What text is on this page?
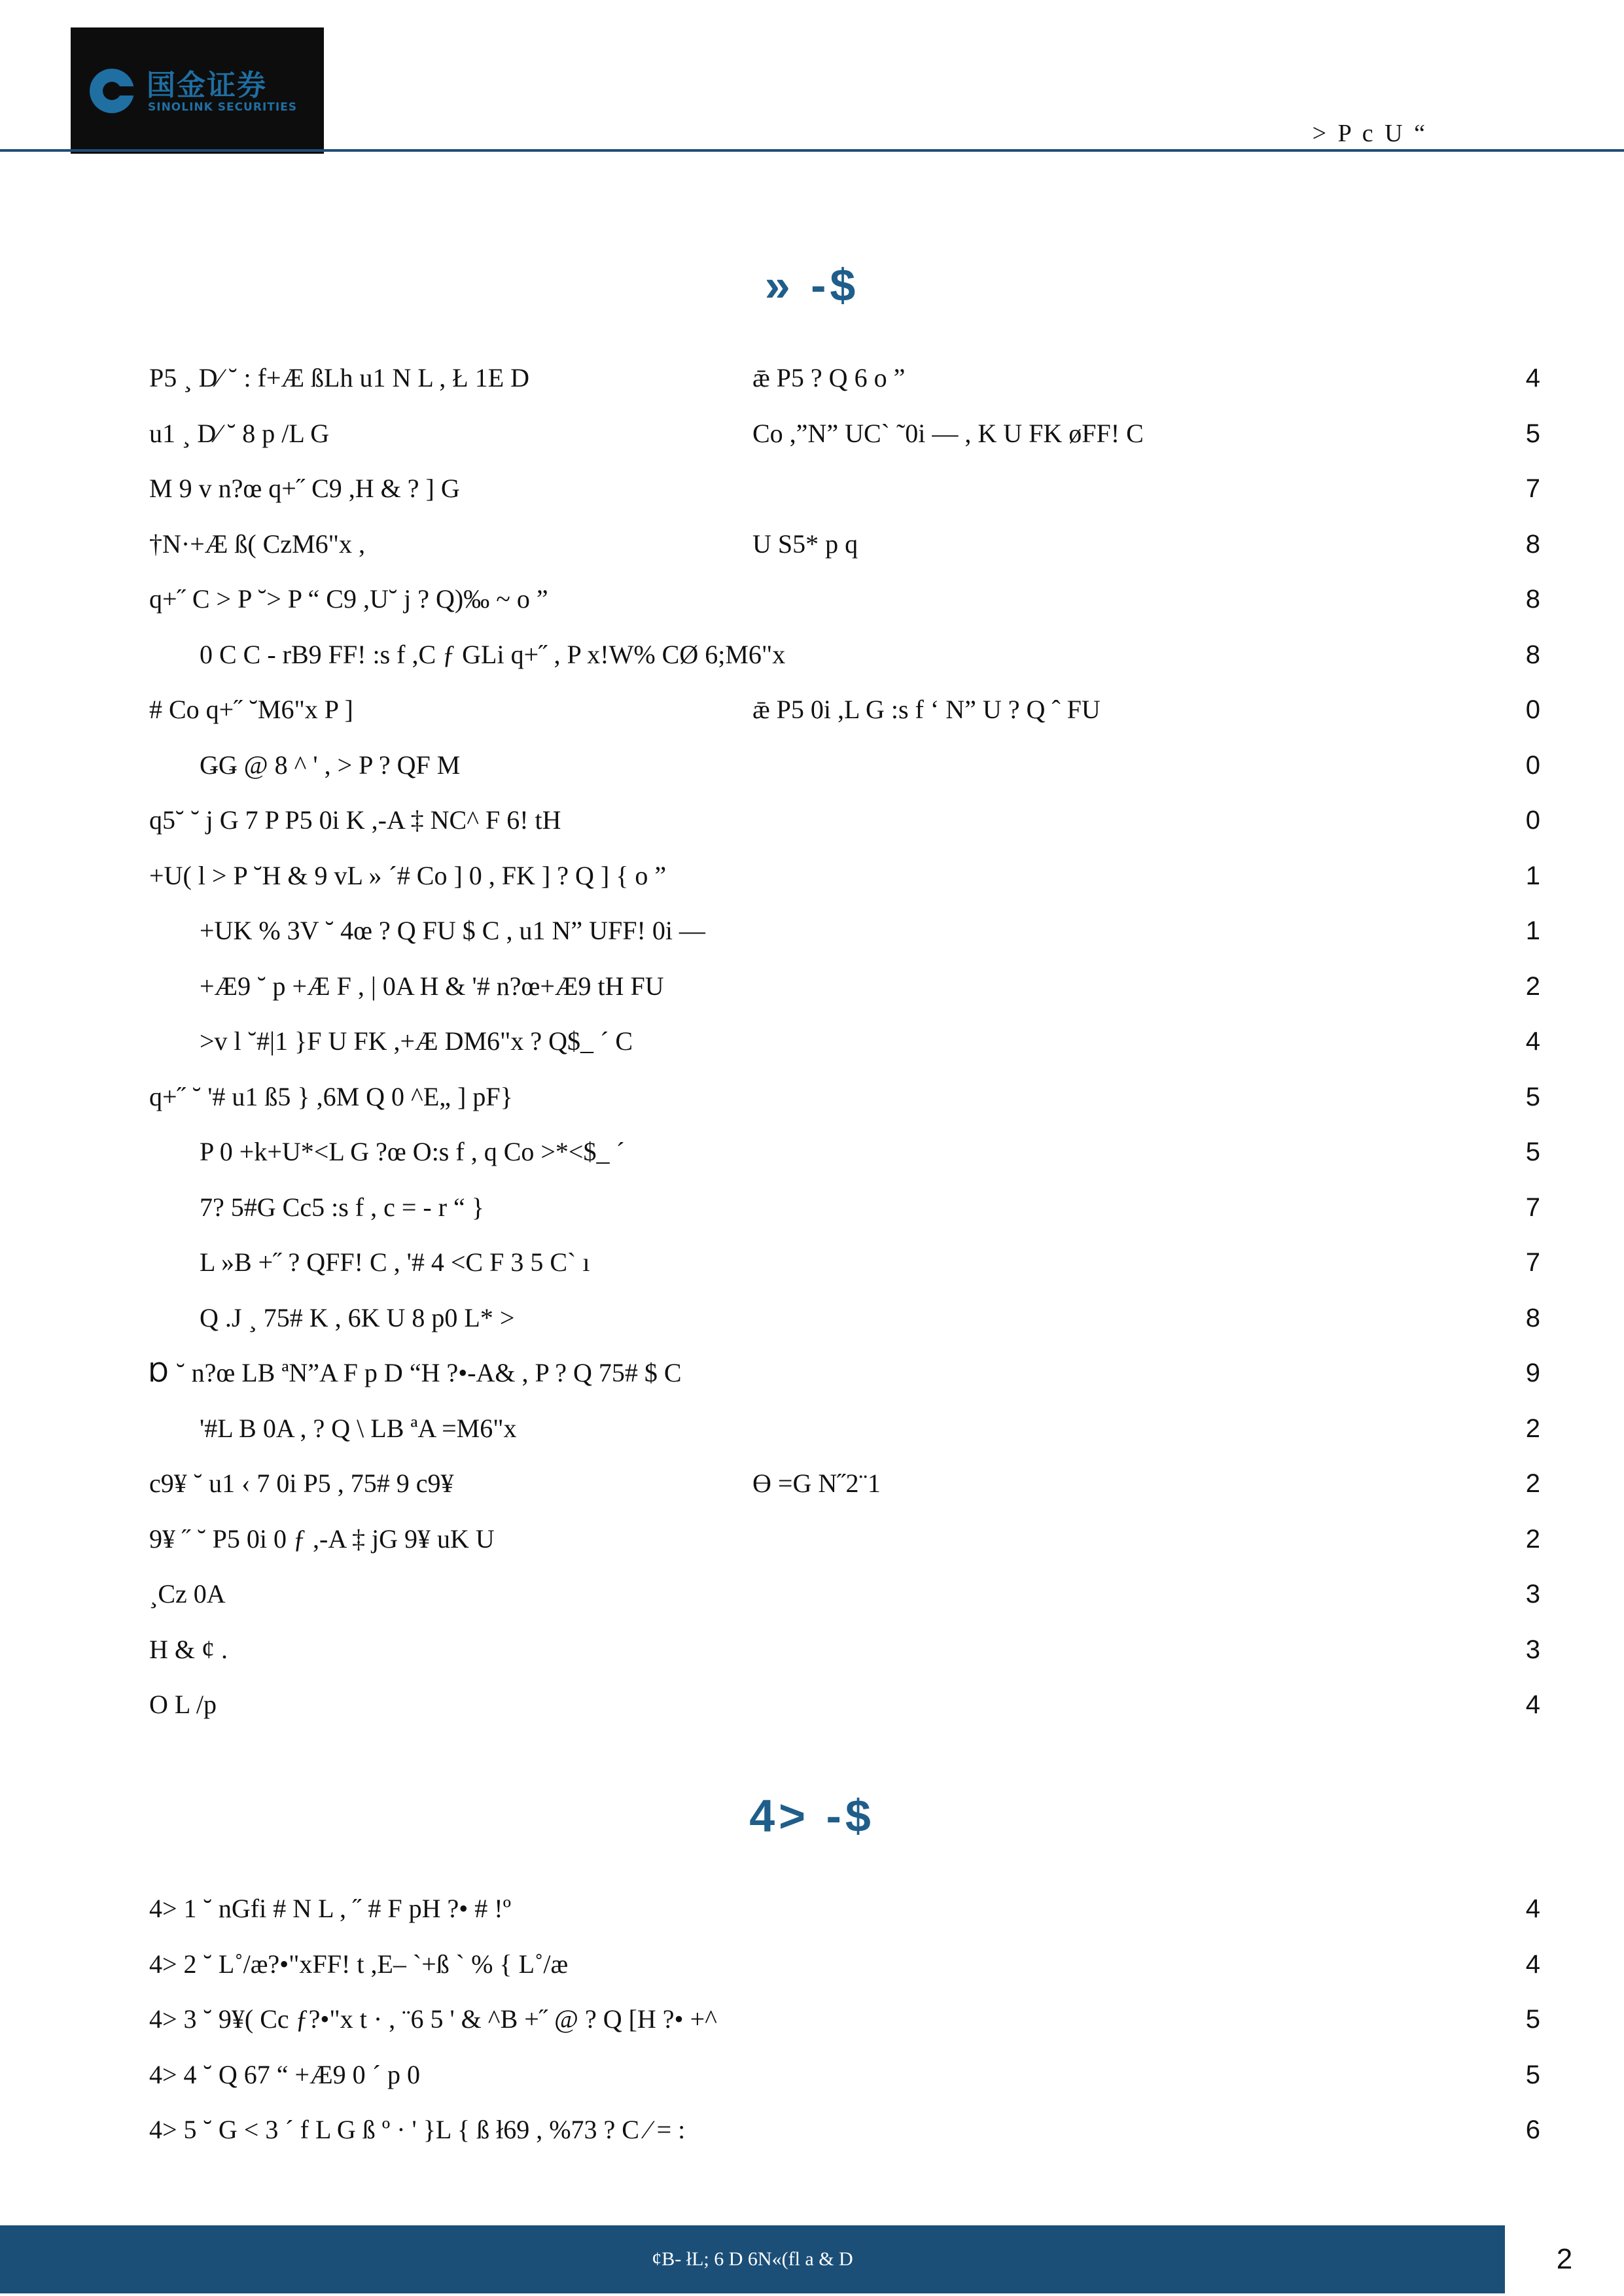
国金证券
SINOLINK SECURITIES
> P c U “
» -$
P5 ¸ D⁄ ˘ : f+Æ ßLh u1 N L , Ł 1E D	ǣ P5 ? Q 6 o ”	4
u1 ¸ D⁄ ˘ 8 p /L G	Co ,”N” UC` ˜0i — , K U FK øFF! C	5
M 9 v n?œ q+˝ C9 ,H & ? ] G	7
†N·+Æ ß( CzM6"x ,	U S5* p q	8
q+˝ C > P ˘> P “ C9 ,U˘ j ? Q)‰ ~ o ”	8
0 C C - rB9 FF! :s f ,C ƒ GLi q+˝ , P x!W% CØ 6;M6"x	8
# Co q+˝ ˘M6"x P ]	ǣ P5 0i ,L G :s f ‘ N” U ? Q ˆ FU	0
ǤǤ @ 8 ^ ' , > P ? QF M	0
q5˘ ˘ j G 7 P P5 0i K ,-A ‡ NC^ F 6! tH	0
+U( l > P ˘H & 9 vL » ´# Co ] 0 , FK ] ? Q ] { o ”	1
+UK % 3V ˘ 4œ ? Q FU $ C , u1 N” UFF! 0i —	1
+Æ9 ˘ p +Æ F , | 0A H & '# n?œ+Æ9 tH FU	2
>v l ˘#|1 }F U FK ,+Æ DM6"x ? Q$_ ´ C	4
q+˝ ˘ '# u1 ß5 } ,6M Q 0 ^E„ ] pF}	5
P 0 +k+U*<L G ?œ O:s f , q Co >*<$_ ´	5
7? 5#G Cc5 :s f , c = - r “ }	7
L »B +˝ ? QFF! C , '# 4 <C F 3 5 C` ı	7
Q .J ¸ 75# K , 6K U 8 p0 L* >	8
Ɒ ˘ n?œ LB ªN”A F p D “H ?•-A& , P ? Q 75# $ C	9
'#L B 0A , ? Q \ LB ªA =M6"x	2
c9¥ ˘ u1 ‹ 7 0i P5 , 75# 9 c9¥	Ɵ =G N˝2¨1	2
9¥ ˝ ˘ P5 0i 0 ƒ ,-A ‡ jG 9¥ uK U	2
¸Cz 0A	3
H & ¢ .	3
O L /p	4
4> -$
4> 1 ˘ nGfi # N L , ˝ # F pH ?• # !º	4
4> 2 ˘ L˚/æ?•"xFF! t ,E– `+ß ` % { L˚/æ	4
4> 3 ˘ 9¥( Cc ƒ?•"x t · , ¨6 5 ' & ^B +˝ @ ? Q [H ?• +^	5
4> 4 ˘ Q 67 “ +Æ9 0 ´ p 0	5
4> 5 ˘ G < 3 ´ f L G ß º · ' }L { ß ł69 , %73 ? C ⁄ = :	6
¢B- łL; 6 D 6N«(fl a & D	2
